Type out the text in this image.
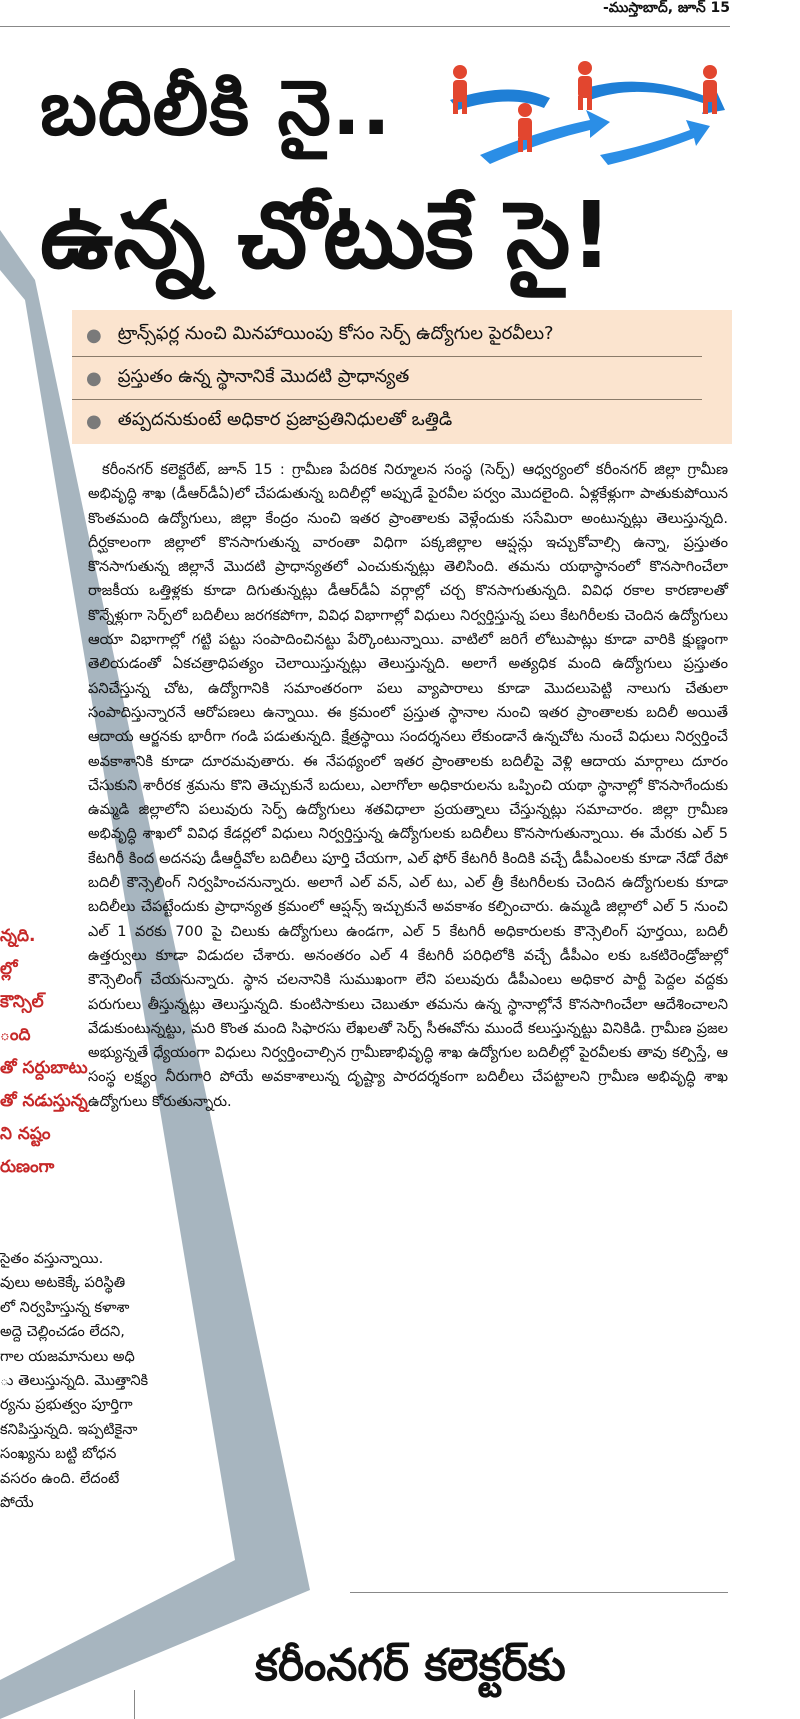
-ముస్తాబాద్, జూన్ 15
బదిలీకి నై..
ఉన్న చోటుకే సై!
● ట్రాన్స్‌ఫర్ల నుంచి మినహాయింపు కోసం సెర్ప్ ఉద్యోగుల పైరవీలు?
● ప్రస్తుతం ఉన్న స్థానానికే మొదటి ప్రాధాన్యత
● తప్పదనుకుంటే అధికార ప్రజాప్రతినిధులతో ఒత్తిడి

కరీంనగర్ కలెక్టరేట్, జూన్ 15 : గ్రామీణ పేదరిక నిర్మూలన సంస్థ (సెర్ప్) ఆధ్వర్యంలో కరీంనగర్ జిల్లా గ్రామీణ అభివృద్ధి శాఖ (డీఆర్‌డీఏ)లో చేపడుతున్న బదిలీల్లో అప్పుడే పైరవీల పర్వం మొదలైంది. ఏళ్లకేళ్లుగా పాతుకుపోయిన కొంతమంది ఉద్యోగులు, జిల్లా కేంద్రం నుంచి ఇతర ప్రాంతాలకు వెళ్లేందుకు ససేమిరా అంటున్నట్లు తెలుస్తున్నది. దీర్ఘకాలంగా జిల్లాలో కొనసాగుతున్న వారంతా విధిగా పక్కజిల్లాల ఆప్షన్లు ఇచ్చుకోవాల్సి ఉన్నా, ప్రస్తుతం కొనసాగుతున్న జిల్లానే మొదటి ప్రాధాన్యతలో ఎంచుకున్నట్లు తెలిసింది. తమను యథాస్థానంలో కొనసాగించేలా రాజకీయ ఒత్తిళ్లకు కూడా దిగుతున్నట్లు డీఆర్‌డీఏ వర్గాల్లో చర్చ కొనసాగుతున్నది. వివిధ రకాల కారణాలతో కొన్నేళ్లుగా సెర్ప్‌లో బదిలీలు జరగకపోగా, వివిధ విభాగాల్లో విధులు నిర్వర్తిస్తున్న పలు కేటగిరీలకు చెందిన ఉద్యోగులు ఆయా విభాగాల్లో గట్టి పట్టు సంపాదించినట్టు పేర్కొంటున్నాయి. వాటిలో జరిగే లోటుపాట్లు కూడా వారికి క్షుణ్ణంగా తెలియడంతో ఏకచత్రాధిపత్యం చెలాయిస్తున్నట్లు తెలుస్తున్నది. అలాగే అత్యధిక మంది ఉద్యోగులు ప్రస్తుతం పనిచేస్తున్న చోట, ఉద్యోగానికి సమాంతరంగా పలు వ్యాపారాలు కూడా మొదలుపెట్టి నాలుగు చేతులా సంపాదిస్తున్నారనే ఆరోపణలు ఉన్నాయి. ఈ క్రమంలో ప్రస్తుత స్థానాల నుంచి ఇతర ప్రాంతాలకు బదిలీ అయితే ఆదాయ ఆర్జనకు భారీగా గండి పడుతున్నది. క్షేత్రస్థాయి సందర్శనలు లేకుండానే ఉన్నచోట నుంచే విధులు నిర్వర్తించే అవకాశానికి కూడా దూరమవుతారు. ఈ నేపథ్యంలో ఇతర ప్రాంతాలకు బదిలీపై వెళ్లి ఆదాయ మార్గాలు దూరం చేసుకుని శారీరక శ్రమను కొని తెచ్చుకునే బదులు, ఎలాగోలా అధికారులను ఒప్పించి యథా స్థానాల్లో కొనసాగేందుకు ఉమ్మడి జిల్లాలోని పలువురు సెర్ప్ ఉద్యోగులు శతవిధాలా ప్రయత్నాలు చేస్తున్నట్లు సమాచారం. జిల్లా గ్రామీణ అభివృద్ధి శాఖలో వివిధ కేడర్లలో విధులు నిర్వర్తిస్తున్న ఉద్యోగులకు బదిలీలు కొనసాగుతున్నాయి. ఈ మేరకు ఎల్ 5 కేటగిరీ కింద అదనపు డీఆర్డీవోల బదిలీలు పూర్తి చేయగా, ఎల్ ఫోర్ కేటగిరీ కిందికి వచ్చే డీపీఎంలకు కూడా నేడో రేపో బదిలీ కౌన్సెలింగ్ నిర్వహించనున్నారు. అలాగే ఎల్ వన్, ఎల్ టు, ఎల్ త్రీ కేటగిరీలకు చెందిన ఉద్యోగులకు కూడా బదిలీలు చేపట్టేందుకు ప్రాధాన్యత క్రమంలో ఆప్షన్స్ ఇచ్చుకునే అవకాశం కల్పించారు. ఉమ్మడి జిల్లాలో ఎల్ 5 నుంచి ఎల్ 1 వరకు 700 పై చిలుకు ఉద్యోగులు ఉండగా, ఎల్ 5 కేటగిరీ అధికారులకు కౌన్సెలింగ్ పూర్తయి, బదిలీ ఉత్తర్వులు కూడా విడుదల చేశారు. అనంతరం ఎల్ 4 కేటగిరీ పరిధిలోకి వచ్చే డీపీఎం లకు ఒకటిరెండ్రోజుల్లో కౌన్సెలింగ్ చేయనున్నారు. స్థాన చలనానికి సుముఖంగా లేని పలువురు డీపీఎంలు అధికార పార్టీ పెద్దల వద్దకు పరుగులు తీస్తున్నట్లు తెలుస్తున్నది. కుంటిసాకులు చెబుతూ తమను ఉన్న స్థానాల్లోనే కొనసాగించేలా ఆదేశించాలని వేడుకుంటున్నట్టు, మరి కొంత మంది సిఫారసు లేఖలతో సెర్ప్ సీఈవోను ముందే కలుస్తున్నట్టు వినికిడి. గ్రామీణ ప్రజల అభ్యున్నతే ధ్యేయంగా విధులు నిర్వర్తించాల్సిన గ్రామీణాభివృద్ధి శాఖ ఉద్యోగుల బదిలీల్లో పైరవీలకు తావు కల్పిస్తే, ఆ సంస్థ లక్ష్యం నీరుగారి పోయే అవకాశాలున్న దృష్ట్యా పారదర్శకంగా బదిలీలు చేపట్టాలని గ్రామీణ అభివృద్ధి శాఖ ఉద్యోగులు కోరుతున్నారు.

న్నది.
ల్లో
కౌన్సిల్
ంది
తో సర్దుబాటు
తో నడుస్తున్న
ని నష్టం
రుణంగా
సైతం వస్తున్నాయి.
వులు అటకెక్కే పరిస్థితి
లో నిర్వహిస్తున్న కళాశా
అద్దె చెల్లించడం లేదని,
గాల యజమానులు అధి
ు తెలుస్తున్నది. మొత్తానికి
ర్యను ప్రభుత్వం పూర్తిగా
కనిపిస్తున్నది. ఇప్పటికైనా
సంఖ్యను బట్టి బోధన
వసరం ఉంది. లేదంటే
పోయే
కరీంనగర్ కలెక్టర్‌కు
